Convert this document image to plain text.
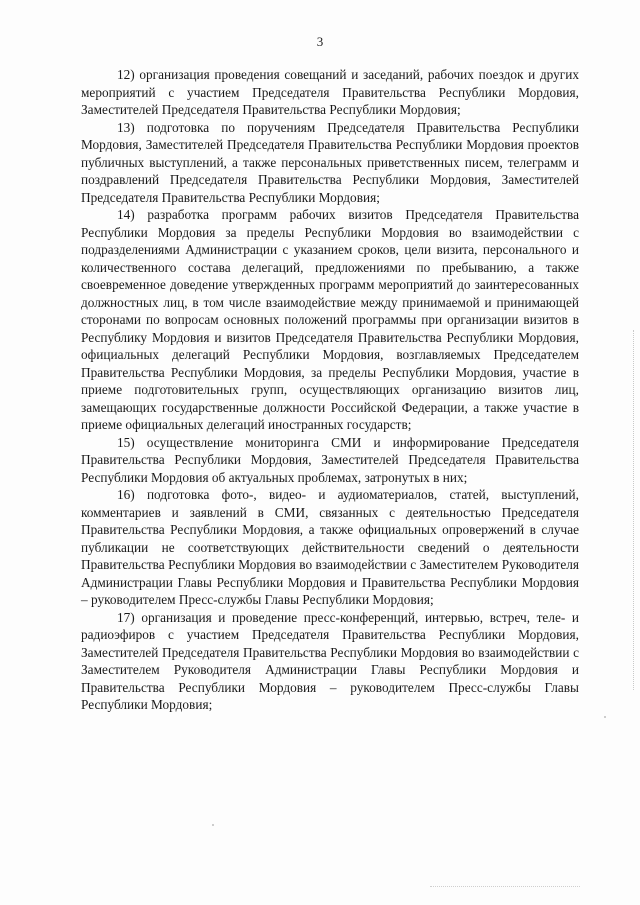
3

12) организация проведения совещаний и заседаний, рабочих поездок и других мероприятий с участием Председателя Правительства Республики Мордовия, Заместителей Председателя Правительства Республики Мордовия;

13) подготовка по поручениям Председателя Правительства Республики Мордовия, Заместителей Председателя Правительства Республики Мордовия проектов публичных выступлений, а также персональных приветственных писем, телеграмм и поздравлений Председателя Правительства Республики Мордовия, Заместителей Председателя Правительства Республики Мордовия;

14) разработка программ рабочих визитов Председателя Правительства Республики Мордовия за пределы Республики Мордовия во взаимодействии с подразделениями Администрации с указанием сроков, цели визита, персонального и количественного состава делегаций, предложениями по пребыванию, а также своевременное доведение утвержденных программ мероприятий до заинтересованных должностных лиц, в том числе взаимодействие между принимаемой и принимающей сторонами по вопросам основных положений программы при организации визитов в Республику Мордовия и визитов Председателя Правительства Республики Мордовия, официальных делегаций Республики Мордовия, возглавляемых Председателем Правительства Республики Мордовия, за пределы Республики Мордовия, участие в приеме подготовительных групп, осуществляющих организацию визитов лиц, замещающих государственные должности Российской Федерации, а также участие в приеме официальных делегаций иностранных государств;

15) осуществление мониторинга СМИ и информирование Председателя Правительства Республики Мордовия, Заместителей Председателя Правительства Республики Мордовия об актуальных проблемах, затронутых в них;

16) подготовка фото-, видео- и аудиоматериалов, статей, выступлений, комментариев и заявлений в СМИ, связанных с деятельностью Председателя Правительства Республики Мордовия, а также официальных опровержений в случае публикации не соответствующих действительности сведений о деятельности Правительства Республики Мордовия во взаимодействии с Заместителем Руководителя Администрации Главы Республики Мордовия и Правительства Республики Мордовия – руководителем Пресс-службы Главы Республики Мордовия;

17) организация и проведение пресс-конференций, интервью, встреч, теле- и радиоэфиров с участием Председателя Правительства Республики Мордовия, Заместителей Председателя Правительства Республики Мордовия во взаимодействии с Заместителем Руководителя Администрации Главы Республики Мордовия и Правительства Республики Мордовия – руководителем Пресс-службы Главы Республики Мордовия;
